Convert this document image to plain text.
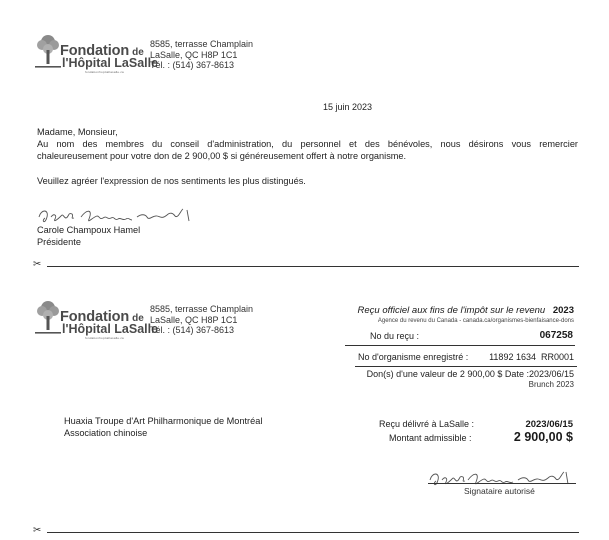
Fondation de
l'Hôpital LaSalle
fondationhopitallasalle.ca
8585, terrasse Champlain
LaSalle, QC H8P 1C1
Tél. : (514) 367-8613
15 juin 2023
Madame, Monsieur,
Au nom des membres du conseil d'administration, du personnel et des bénévoles, nous désirons vous remercier
chaleureusement pour votre don de 2 900,00 $ si généreusement offert à notre organisme.
Veuillez agréer l'expression de nos sentiments les plus distingués.
Carole Champoux Hamel
Présidente
✂
Fondation de
l'Hôpital LaSalle
fondationhopitallasalle.ca
8585, terrasse Champlain
LaSalle, QC H8P 1C1
Tél. : (514) 367-8613
Reçu officiel aux fins de l'impôt sur le revenu 2023
Agence du revenu du Canada - canada.ca/organismes-bienfaisance-dons
No du reçu :	067258
No d'organisme enregistré : 11892 1634  RR0001
Don(s) d'une valeur de 2 900,00 $ Date :2023/06/15
Brunch 2023
Huaxia Troupe d'Art Philharmonique de Montréal
Association chinoise
Reçu délivré à LaSalle :	2023/06/15
Montant admissible :	2 900,00 $
Signataire autorisé
✂
